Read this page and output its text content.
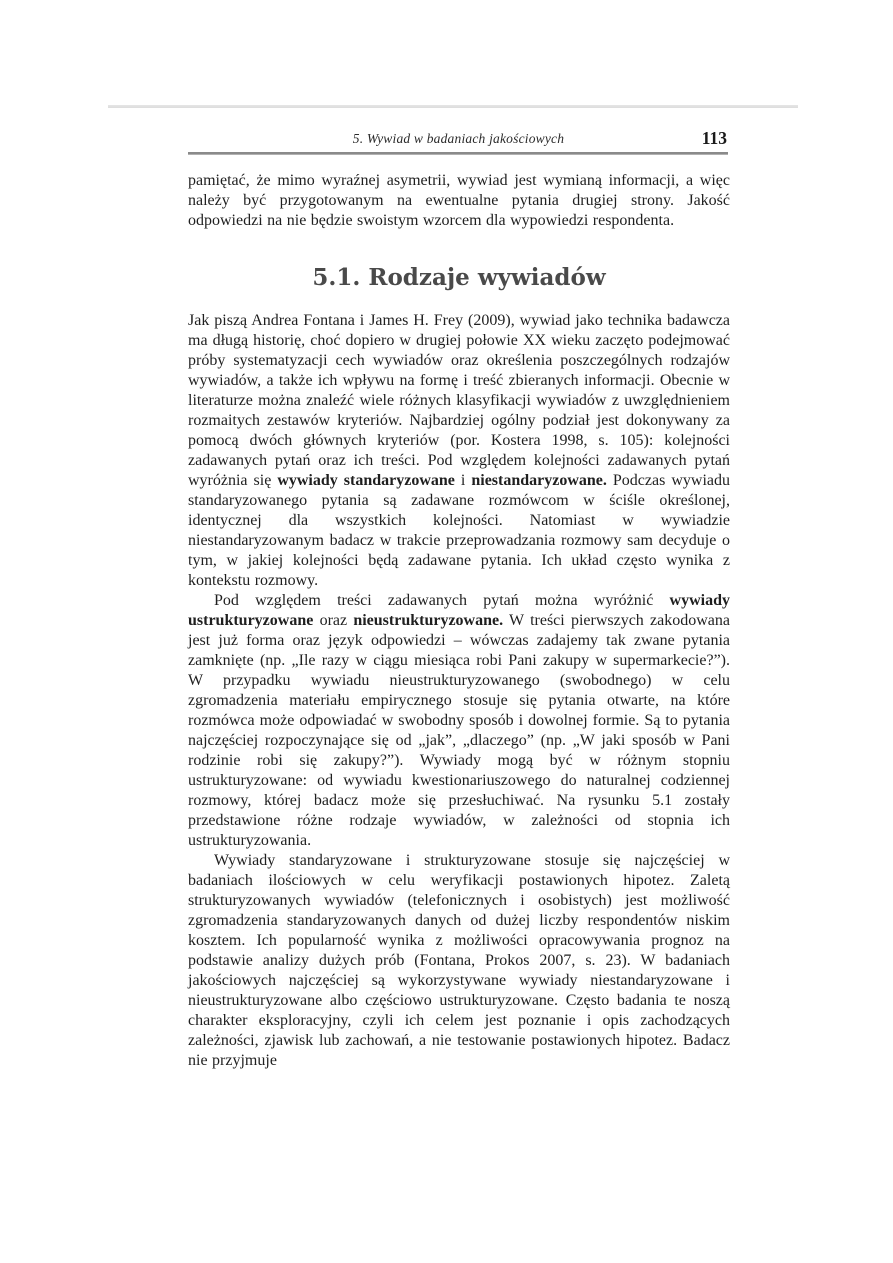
5. Wywiad w badaniach jakościowych	113

pamiętać, że mimo wyraźnej asymetrii, wywiad jest wymianą informacji, a więc należy być przygotowanym na ewentualne pytania drugiej strony. Jakość odpowiedzi na nie będzie swoistym wzorcem dla wypowiedzi respondenta.

5.1. Rodzaje wywiadów

Jak piszą Andrea Fontana i James H. Frey (2009), wywiad jako technika badawcza ma długą historię, choć dopiero w drugiej połowie XX wieku zaczęto podejmować próby systematyzacji cech wywiadów oraz określenia poszczególnych rodzajów wywiadów, a także ich wpływu na formę i treść zbieranych informacji. Obecnie w literaturze można znaleźć wiele różnych klasyfikacji wywiadów z uwzględnieniem rozmaitych zestawów kryteriów. Najbardziej ogólny podział jest dokonywany za pomocą dwóch głównych kryteriów (por. Kostera 1998, s. 105): kolejności zadawanych pytań oraz ich treści. Pod względem kolejności zadawanych pytań wyróżnia się wywiady standaryzowane i niestandaryzowane. Podczas wywiadu standaryzowanego pytania są zadawane rozmówcom w ściśle określonej, identycznej dla wszystkich kolejności. Natomiast w wywiadzie niestandaryzowanym badacz w trakcie przeprowadzania rozmowy sam decyduje o tym, w jakiej kolejności będą zadawane pytania. Ich układ często wynika z kontekstu rozmowy.

Pod względem treści zadawanych pytań można wyróżnić wywiady ustrukturyzowane oraz nieustrukturyzowane. W treści pierwszych zakodowana jest już forma oraz język odpowiedzi – wówczas zadajemy tak zwane pytania zamknięte (np. „Ile razy w ciągu miesiąca robi Pani zakupy w supermarkecie?”). W przypadku wywiadu nieustrukturyzowanego (swobodnego) w celu zgromadzenia materiału empirycznego stosuje się pytania otwarte, na które rozmówca może odpowiadać w swobodny sposób i dowolnej formie. Są to pytania najczęściej rozpoczynające się od „jak”, „dlaczego” (np. „W jaki sposób w Pani rodzinie robi się zakupy?”). Wywiady mogą być w różnym stopniu ustrukturyzowane: od wywiadu kwestionariuszowego do naturalnej codziennej rozmowy, której badacz może się przesłuchiwać. Na rysunku 5.1 zostały przedstawione różne rodzaje wywiadów, w zależności od stopnia ich ustrukturyzowania.

Wywiady standaryzowane i strukturyzowane stosuje się najczęściej w badaniach ilościowych w celu weryfikacji postawionych hipotez. Zaletą strukturyzowanych wywiadów (telefonicznych i osobistych) jest możliwość zgromadzenia standaryzowanych danych od dużej liczby respondentów niskim kosztem. Ich popularność wynika z możliwości opracowywania prognoz na podstawie analizy dużych prób (Fontana, Prokos 2007, s. 23). W badaniach jakościowych najczęściej są wykorzystywane wywiady niestandaryzowane i nieustrukturyzowane albo częściowo ustrukturyzowane. Często badania te noszą charakter eksploracyjny, czyli ich celem jest poznanie i opis zachodzących zależności, zjawisk lub zachowań, a nie testowanie postawionych hipotez. Badacz nie przyjmuje
